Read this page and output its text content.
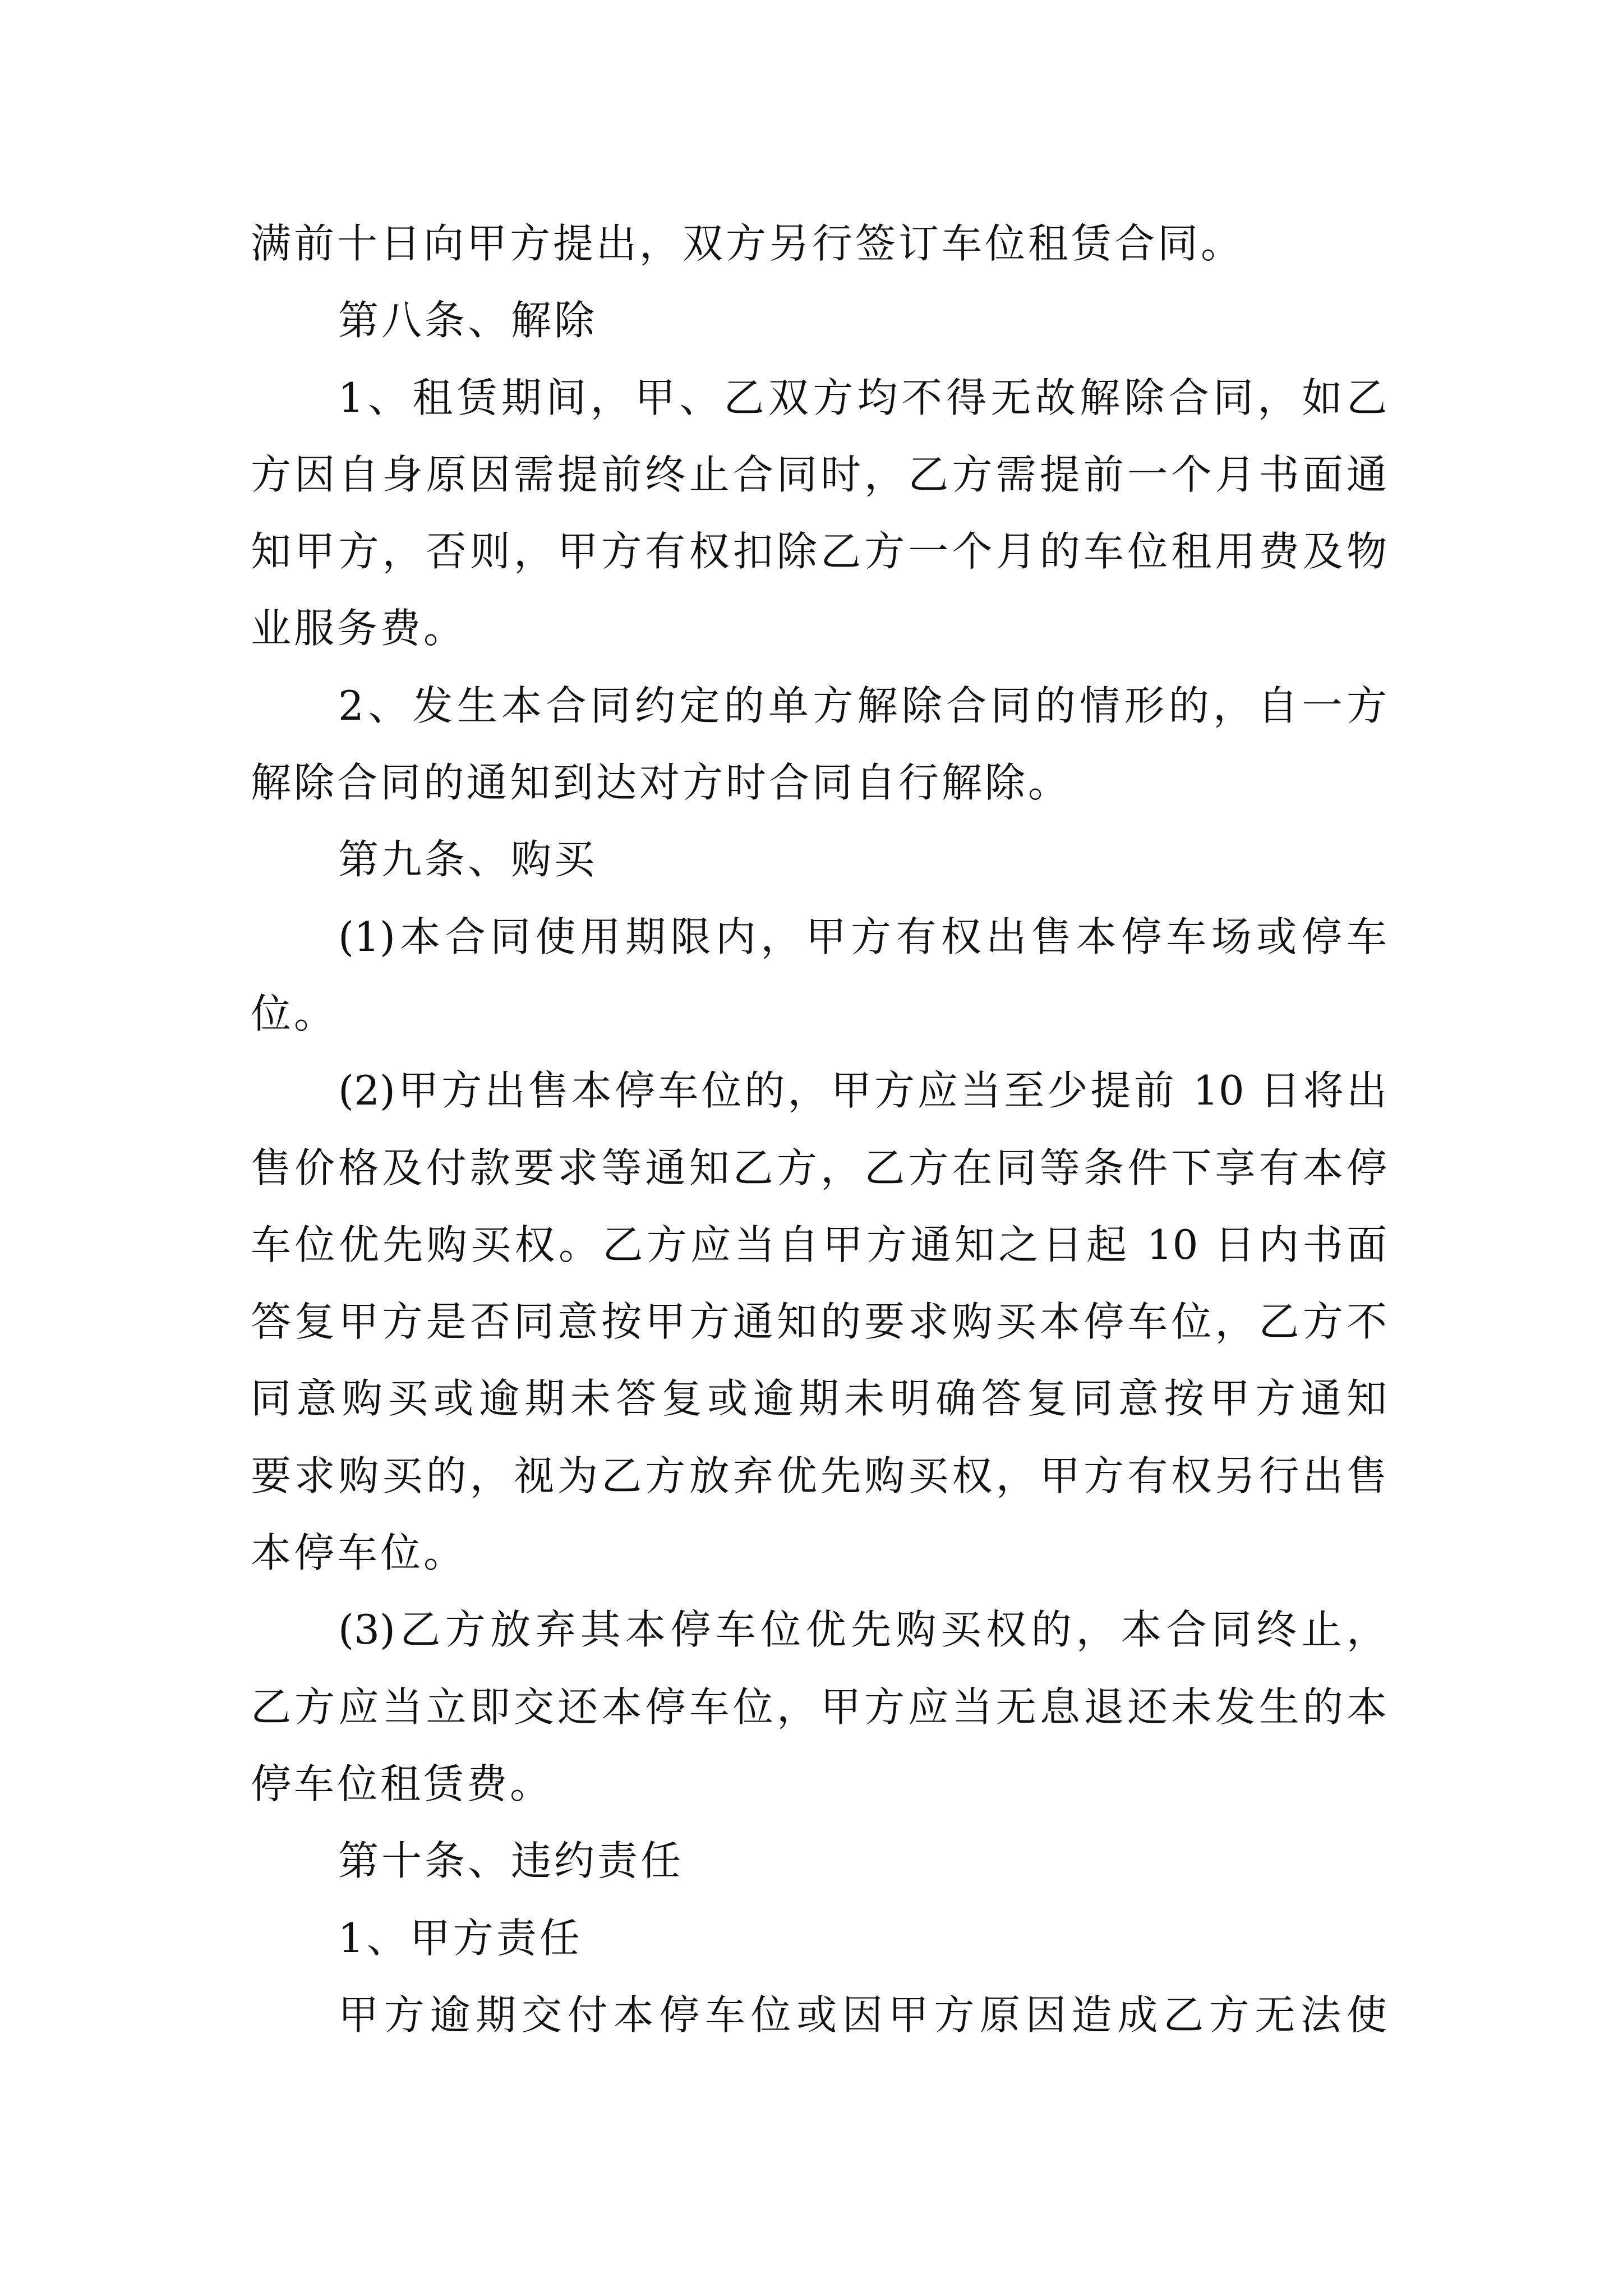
满前十日向甲方提出，双方另行签订车位租赁合同。
第八条、解除
1、租赁期间，甲、乙双方均不得无故解除合同，如乙
方因自身原因需提前终止合同时，乙方需提前一个月书面通
知甲方，否则，甲方有权扣除乙方一个月的车位租用费及物
业服务费。
2、发生本合同约定的单方解除合同的情形的，自一方
解除合同的通知到达对方时合同自行解除。
第九条、购买
(1)本合同使用期限内，甲方有权出售本停车场或停车
位。
(2)甲方出售本停车位的，甲方应当至少提前 10 日将出
售价格及付款要求等通知乙方，乙方在同等条件下享有本停
车位优先购买权。乙方应当自甲方通知之日起 10 日内书面
答复甲方是否同意按甲方通知的要求购买本停车位，乙方不
同意购买或逾期未答复或逾期未明确答复同意按甲方通知
要求购买的，视为乙方放弃优先购买权，甲方有权另行出售
本停车位。
(3)乙方放弃其本停车位优先购买权的，本合同终止，
乙方应当立即交还本停车位，甲方应当无息退还未发生的本
停车位租赁费。
第十条、违约责任
1、甲方责任
甲方逾期交付本停车位或因甲方原因造成乙方无法使
